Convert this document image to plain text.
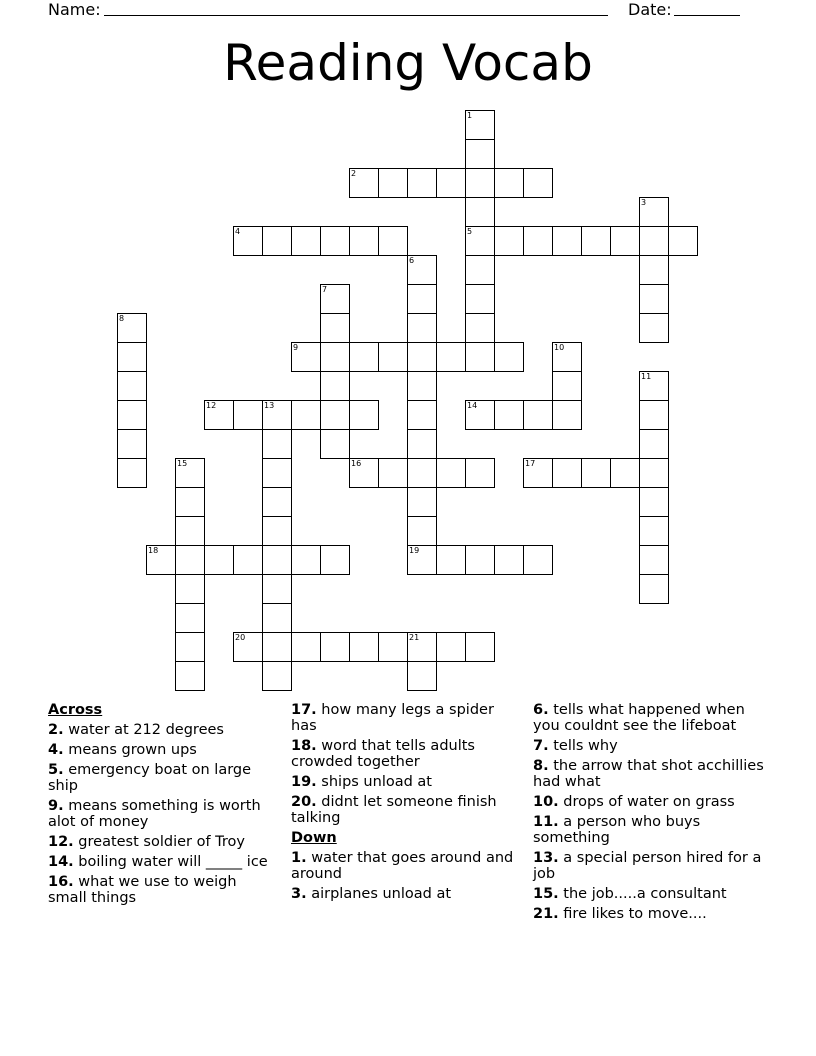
Name:	Date:
Reading Vocab
1
5
2
3
4
6
7
8
9	10
11
12	13	14
15	16	17
18	19
20	21
Across
2. water at 212 degrees
4. means grown ups
5. emergency boat on large ship
9. means something is worth alot of money
12. greatest soldier of Troy
14. boiling water will _____ ice
16. what we use to weigh small things
17. how many legs a spider has
18. word that tells adults crowded together
19. ships unload at
20. didnt let someone finish talking
Down
1. water that goes around and around
3. airplanes unload at
6. tells what happened when you couldnt see the lifeboat
7. tells why
8. the arrow that shot acchillies had what
10. drops of water on grass
11. a person who buys something
13. a special person hired for a job
15. the job.....a consultant
21. fire likes to move....
